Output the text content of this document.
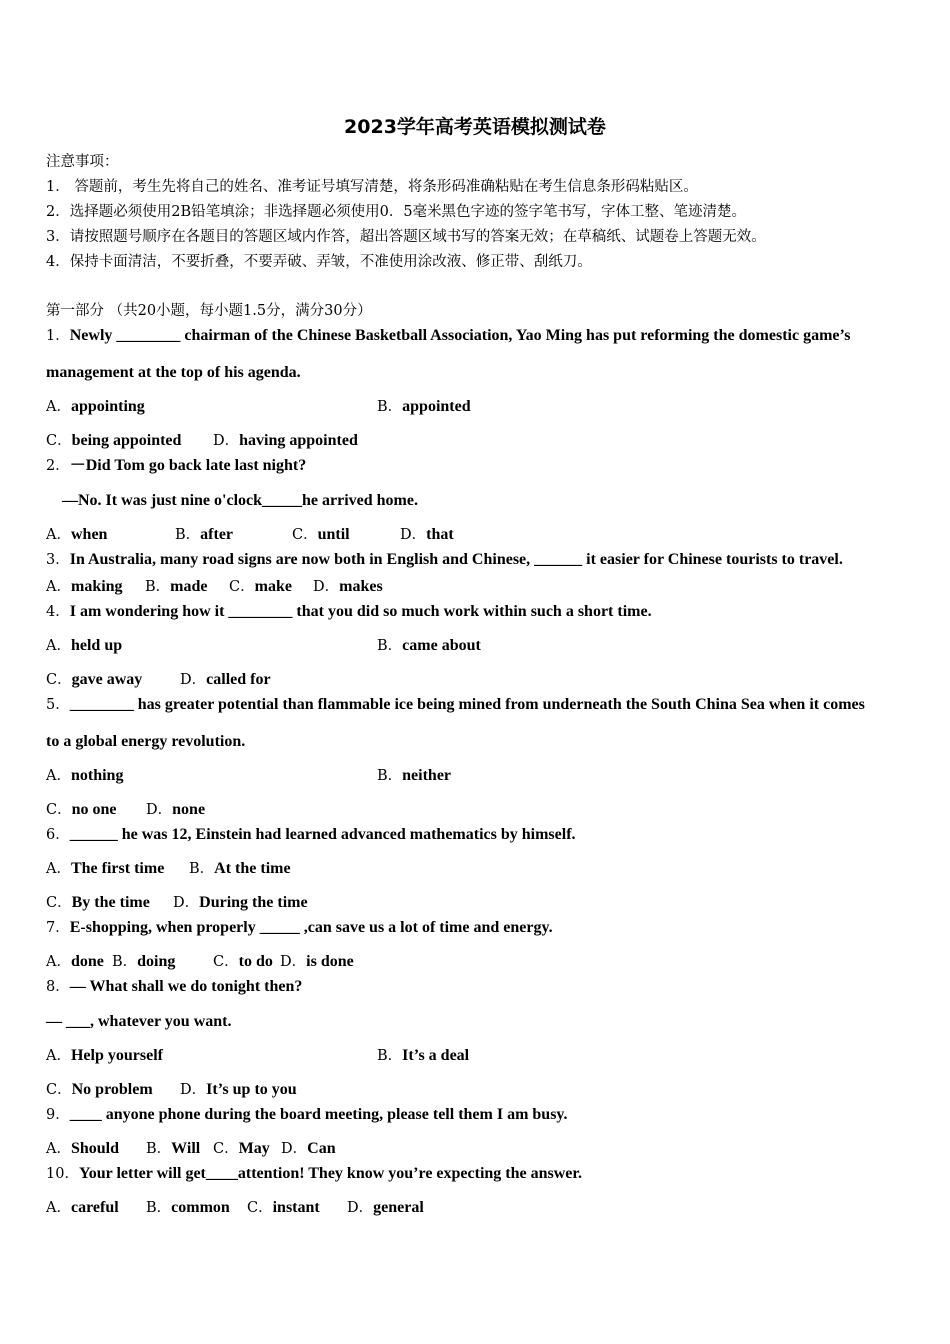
2023学年高考英语模拟测试卷
注意事项：
1． 答题前，考生先将自己的姓名、准考证号填写清楚，将条形码准确粘贴在考生信息条形码粘贴区。
2．选择题必须使用2B铅笔填涂；非选择题必须使用0．5毫米黑色字迹的签字笔书写，字体工整、笔迹清楚。
3．请按照题号顺序在各题目的答题区域内作答，超出答题区域书写的答案无效；在草稿纸、试题卷上答题无效。
4．保持卡面清洁，不要折叠，不要弄破、弄皱，不准使用涂改液、修正带、刮纸刀。
第一部分 （共20小题，每小题1.5分，满分30分）
1．Newly ________ chairman of the Chinese Basketball Association, Yao Ming has put reforming the domestic game’s
management at the top of his agenda.
A．appointing	B．appointed
C．being appointed D．having appointed
2．－Did Tom go back late last night?
—No. It was just nine o'clock_____he arrived home.
A．when	B．after	C．until	D．that
3．In Australia, many road signs are now both in English and Chinese, ______ it easier for Chinese tourists to travel.
A．making B．made C．make D．makes
4．I am wondering how it ________ that you did so much work within such a short time.
A．held up	B．came about
C．gave away	D．called for
5．________ has greater potential than flammable ice being mined from underneath the South China Sea when it comes
to a global energy revolution.
A．nothing	B．neither
C．no one D．none
6．______ he was 12, Einstein had learned advanced mathematics by himself.
A．The first time B．At the time
C．By the time D．During the time
7．E-shopping, when properly _____ ,can save us a lot of time and energy.
A．done B．doing	C．to do D．is done
8．— What shall we do tonight then?
— ___, whatever you want.
A．Help yourself	B．It’s a deal
C．No problem D．It’s up to you
9．____ anyone phone during the board meeting, please tell them I am busy.
A．Should B．Will C．May D．Can
10．Your letter will get____attention! They know you’re expecting the answer.
A．careful B．common C．instant D．general
